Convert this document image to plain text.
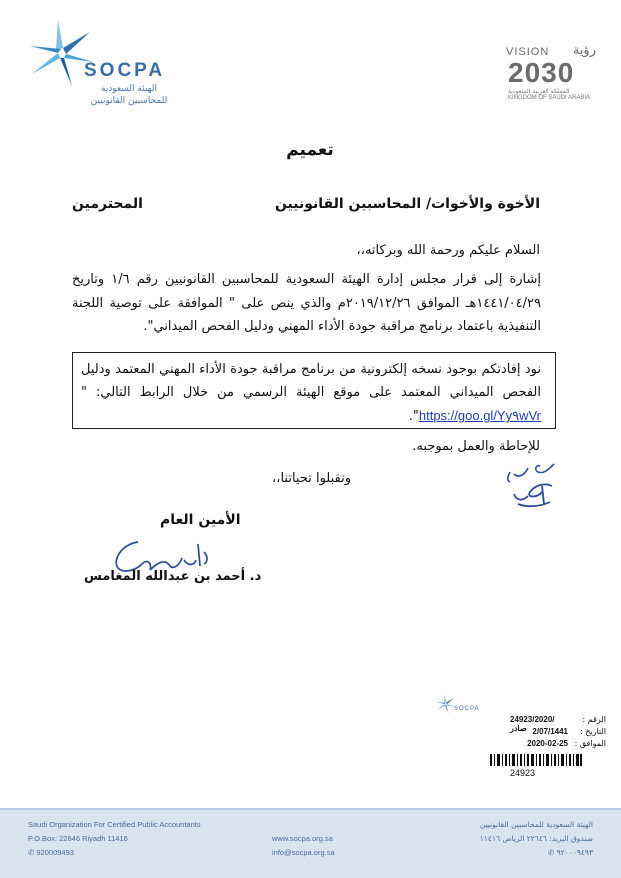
SOCPA
الهيئة السعودية
للمحاسبين القانونيين
VISION رؤية
2030
المملكة العربية السعودية
KINGDOM OF SAUDI ARABIA
تعميم
الأخوة والأخوات/ المحاسبين القانونيين
المحترمين
السلام عليكم ورحمة الله وبركاته،،
إشارة إلى قرار مجلس إدارة الهيئة السعودية للمحاسبين القانونيين رقم ١/٦ وتاريخ ١٤٤١/٠٤/٢٩هـ الموافق ٢٠١٩/١٢/٢٦م والذي ينص على " الموافقة على توصية اللجنة التنفيذية باعتماد برنامج مراقبة جودة الأداء المهني ودليل الفحص الميداني".
نود إفادتكم بوجود نسخه إلكترونية من برنامج مراقبة جودة الأداء المهني المعتمد ودليل الفحص الميداني المعتمد على موقع الهيئة الرسمي من خلال الرابط التالي: " https://goo.gl/Yy٩wVr".
للإحاطة والعمل بموجبه.
وتقبلوا تحياتنا،،
الأمين العام
د. أحمد بن عبدالله المغامس
SOCPA
الرقم :
24923/2020/صادر	التاريخ :
2/07/1441
الموافق :
2020-02-25
24923
Saudi Organization For Certified Public Accountants
P.O.Box: 22646 Riyadh 11416
✆ 920009493
www.socpa.org.sa
info@socpa.org.sa
الهيئة السعودية للمحاسبين القانونيين
صندوق البريد: ٢٢٦٤٦ الرياض ١١٤١٦
٩٢٠٠٠٩٤٩٣ ✆
